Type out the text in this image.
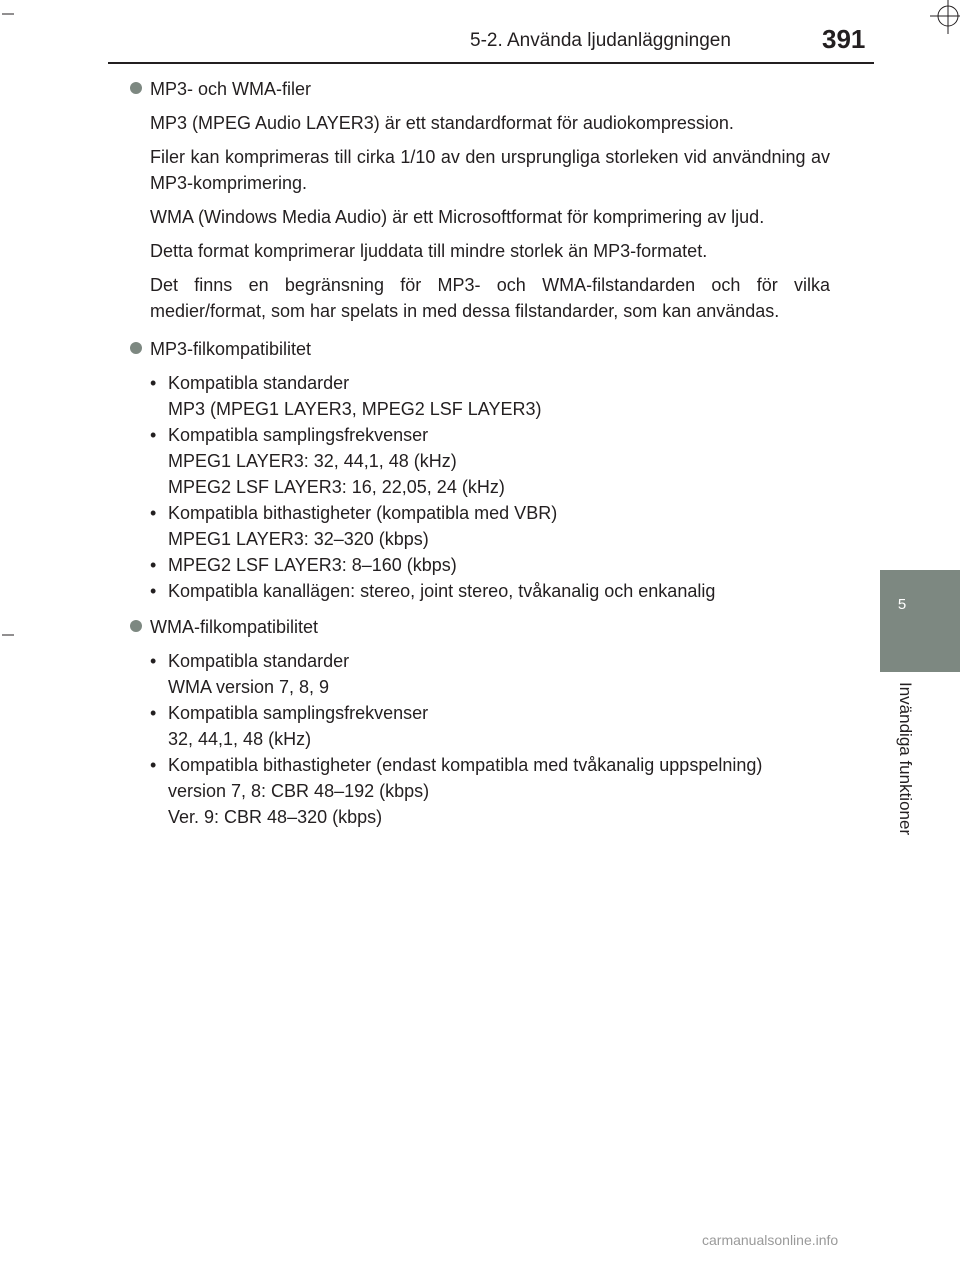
5-2. Använda ljudanläggningen	391
5
Invändiga funktioner
MP3- och WMA-filer

MP3 (MPEG Audio LAYER3) är ett standardformat för audiokompression.

Filer kan komprimeras till cirka 1/10 av den ursprungliga storleken vid användning av MP3-komprimering.

WMA (Windows Media Audio) är ett Microsoftformat för komprimering av ljud.

Detta format komprimerar ljuddata till mindre storlek än MP3-formatet.

Det finns en begränsning för MP3- och WMA-filstandarden och för vilka medier/format, som har spelats in med dessa filstandarder, som kan användas.

MP3-filkompatibilitet
• Kompatibla standarder
MP3 (MPEG1 LAYER3, MPEG2 LSF LAYER3)
• Kompatibla samplingsfrekvenser
MPEG1 LAYER3: 32, 44,1, 48 (kHz)
MPEG2 LSF LAYER3: 16, 22,05, 24 (kHz)
• Kompatibla bithastigheter (kompatibla med VBR)
MPEG1 LAYER3: 32–320 (kbps)
• MPEG2 LSF LAYER3: 8–160 (kbps)
• Kompatibla kanallägen: stereo, joint stereo, tvåkanalig och enkanalig
WMA-filkompatibilitet
• Kompatibla standarder
WMA version 7, 8, 9
• Kompatibla samplingsfrekvenser
32, 44,1, 48 (kHz)
• Kompatibla bithastigheter (endast kompatibla med tvåkanalig uppspelning)
version 7, 8: CBR 48–192 (kbps)
Ver. 9: CBR 48–320 (kbps)
carmanualsonline.info
